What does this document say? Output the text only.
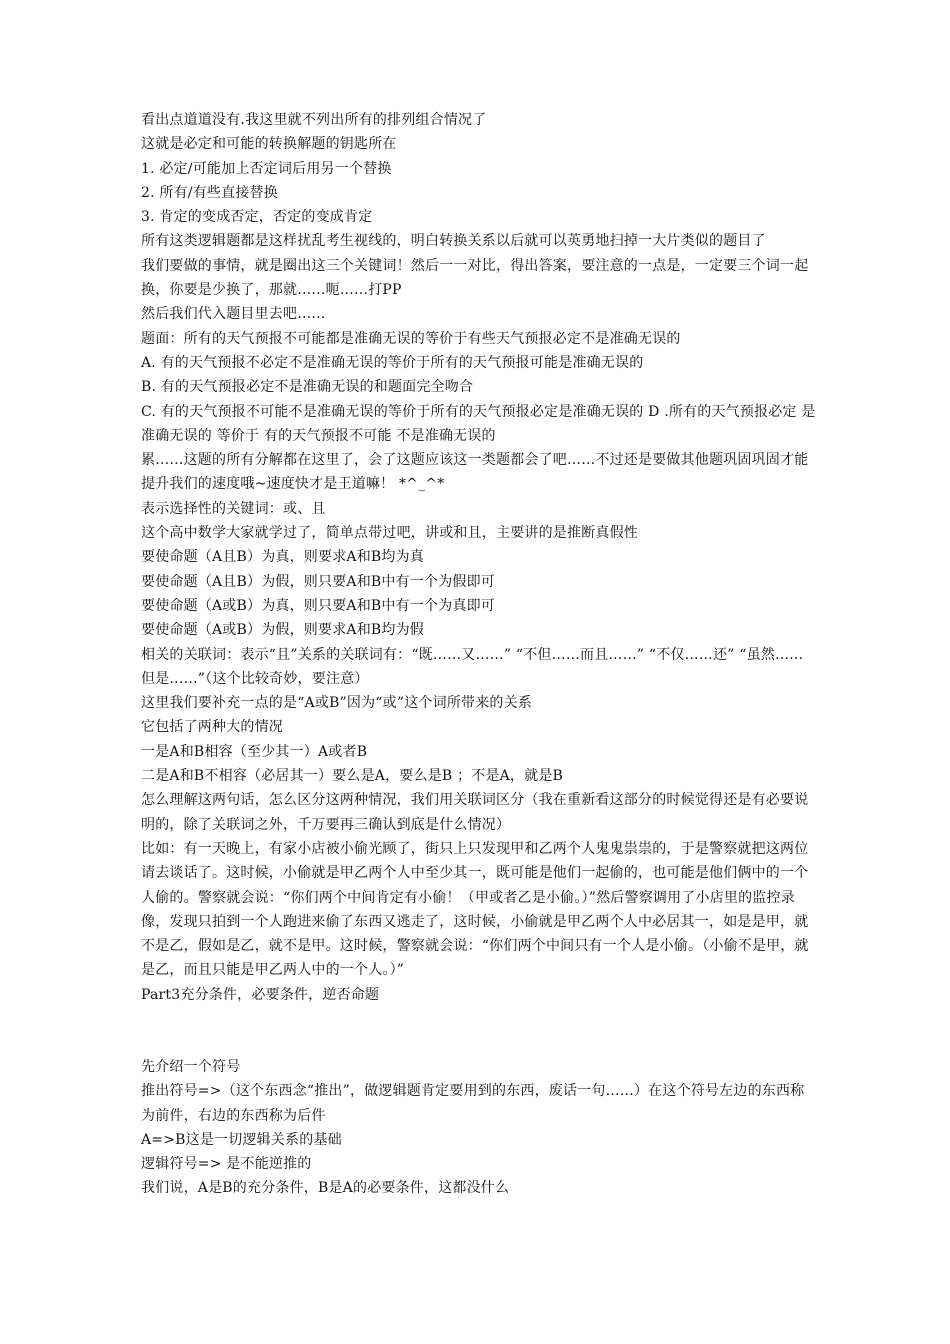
看出点道道没有.我这里就不列出所有的排列组合情况了
这就是必定和可能的转换解题的钥匙所在
1. 必定/可能加上否定词后用另一个替换
2. 所有/有些直接替换
3. 肯定的变成否定，否定的变成肯定
所有这类逻辑题都是这样扰乱考生视线的，明白转换关系以后就可以英勇地扫掉一大片类似的题目了
我们要做的事情，就是圈出这三个关键词！然后一一对比，得出答案，要注意的一点是，一定要三个词一起换，你要是少换了，那就……呃……打PP
然后我们代入题目里去吧……
题面：所有的天气预报不可能都是准确无误的等价于有些天气预报必定不是准确无误的
A. 有的天气预报不必定不是准确无误的等价于所有的天气预报可能是准确无误的
B. 有的天气预报必定不是准确无误的和题面完全吻合
C. 有的天气预报不可能不是准确无误的等价于所有的天气预报必定是准确无误的 D .所有的天气预报必定 是准确无误的 等价于 有的天气预报不可能 不是准确无误的
累……这题的所有分解都在这里了，会了这题应该这一类题都会了吧……不过还是要做其他题巩固巩固才能提升我们的速度哦~速度快才是王道嘛！ *^_^*
表示选择性的关键词：或、且
这个高中数学大家就学过了，简单点带过吧，讲或和且，主要讲的是推断真假性
要使命题（A且B）为真，则要求A和B均为真
要使命题（A且B）为假，则只要A和B中有一个为假即可
要使命题（A或B）为真，则只要A和B中有一个为真即可
要使命题（A或B）为假，则要求A和B均为假
相关的关联词：表示“且”关系的关联词有：“既……又……” “不但……而且……” “不仅……还” “虽然……但是……”（这个比较奇妙，要注意）
这里我们要补充一点的是“A或B”因为“或”这个词所带来的关系
它包括了两种大的情况
一是A和B相容（至少其一）A或者B
二是A和B不相容（必居其一）要么是A，要么是B ；不是A，就是B
怎么理解这两句话，怎么区分这两种情况，我们用关联词区分（我在重新看这部分的时候觉得还是有必要说明的，除了关联词之外，千万要再三确认到底是什么情况）
比如：有一天晚上，有家小店被小偷光顾了，街只上只发现甲和乙两个人鬼鬼祟祟的，于是警察就把这两位请去谈话了。这时候，小偷就是甲乙两个人中至少其一，既可能是他们一起偷的，也可能是他们俩中的一个人偷的。警察就会说：“你们两个中间肯定有小偷！（甲或者乙是小偷。）”然后警察调用了小店里的监控录像，发现只拍到一个人跑进来偷了东西又逃走了，这时候，小偷就是甲乙两个人中必居其一，如是是甲，就不是乙，假如是乙，就不是甲。这时候，警察就会说：“你们两个中间只有一个人是小偷。（小偷不是甲，就是乙，而且只能是甲乙两人中的一个人。）”
Part3充分条件，必要条件，逆否命题
先介绍一个符号
推出符号=>（这个东西念“推出”，做逻辑题肯定要用到的东西，废话一句……）在这个符号左边的东西称为前件，右边的东西称为后件
A=>B这是一切逻辑关系的基础
逻辑符号=> 是不能逆推的
我们说，A是B的充分条件，B是A的必要条件，这都没什么
